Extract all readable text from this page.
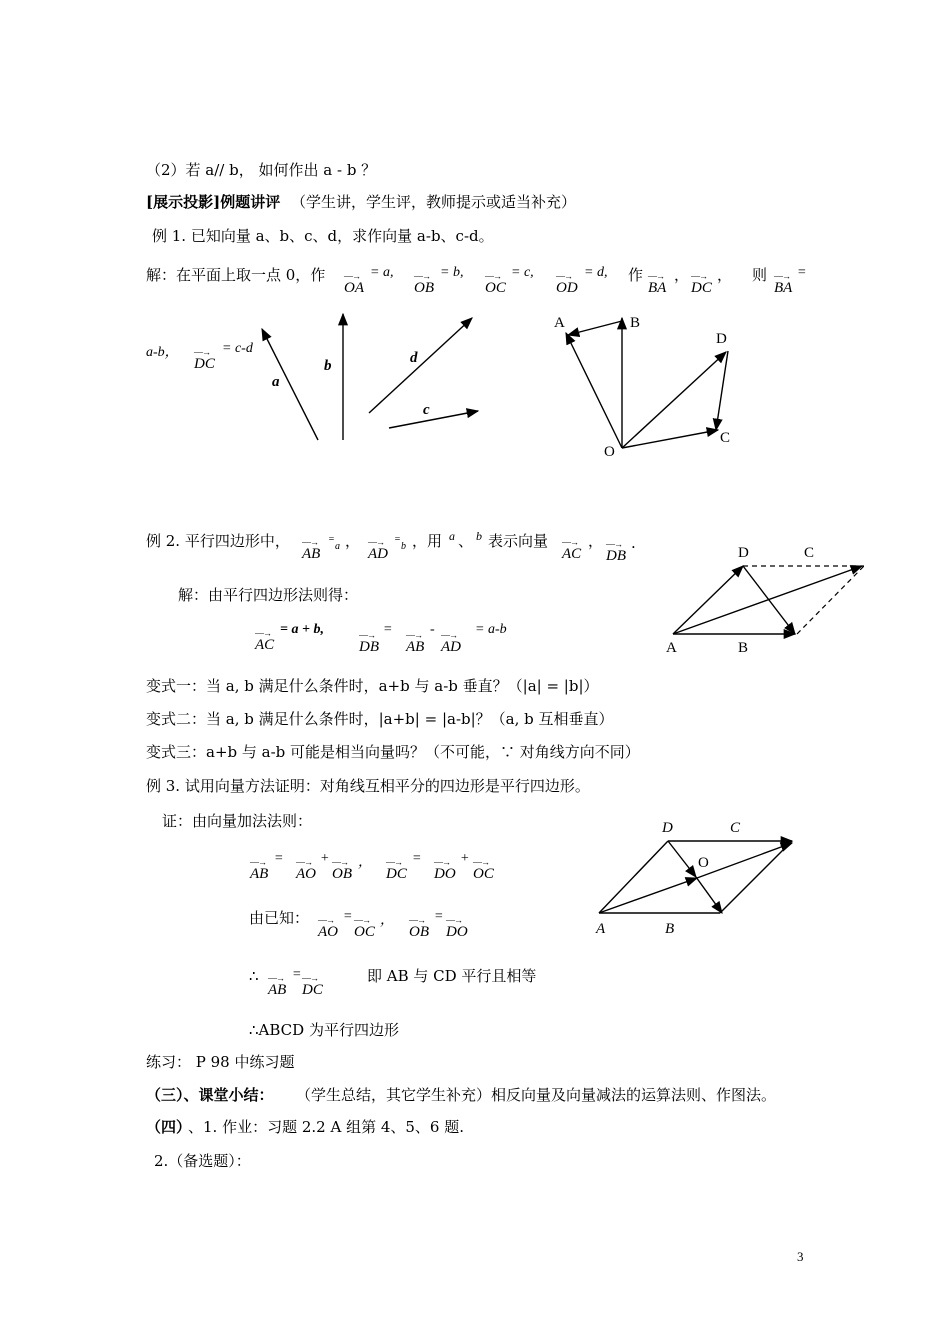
（2）若 a// b， 如何作出 a - b ？
[展示投影]例题讲评 （学生讲，学生评，教师提示或适当补充）
例 1. 已知向量 a、b、c、d，求作向量 a-b、c-d。
解：在平面上取一点 0，作 —→
OA
= a, —→
OB
= b, —→
OC
= c, —→
OD
= d, 作 —→
BA
， —→
DC
， 则 —→
BA
=
a-b， —→
DC
= c-d
a
b	d
c
A	B
D
C
O
D	C
A	B
D	C
O
A	B
例 2. 平行四边形中， —→
AB
=
a ， —→
AD
=
b ，用 a 、 b 表示向量 —→
AC
， —→
DB
.
解：由平行四边形法则得：
—→
AC
= a + b,	—→
DB
= —→
AB
- —→
AD
= a-b
变式一：当 a, b 满足什么条件时，a+b 与 a-b 垂直？（|a| = |b|）
变式二：当 a, b 满足什么条件时，|a+b| = |a-b|？（a, b 互相垂直）
变式三：a+b 与 a-b 可能是相当向量吗？（不可能，∵ 对角线方向不同）
例 3. 试用向量方法证明：对角线互相平分的四边形是平行四边形。
证：由向量加法法则：
—→
AB
= —→
AO
+ —→
OB
， —→
DC
= —→
DO
+ —→
OC
由已知： —→
AO
= —→
OC
， —→
OB
= —→
DO
∴ —→
AB
= —→
DC
即 AB 与 CD 平行且相等
∴ABCD 为平行四边形
练习： P 98 中练习题
（三）、课堂小结： （学生总结，其它学生补充）相反向量及向量减法的运算法则、作图法。
（四）
、1. 作业：习题 2.2 A 组第 4、5、6 题.
2.（备选题）：
3
